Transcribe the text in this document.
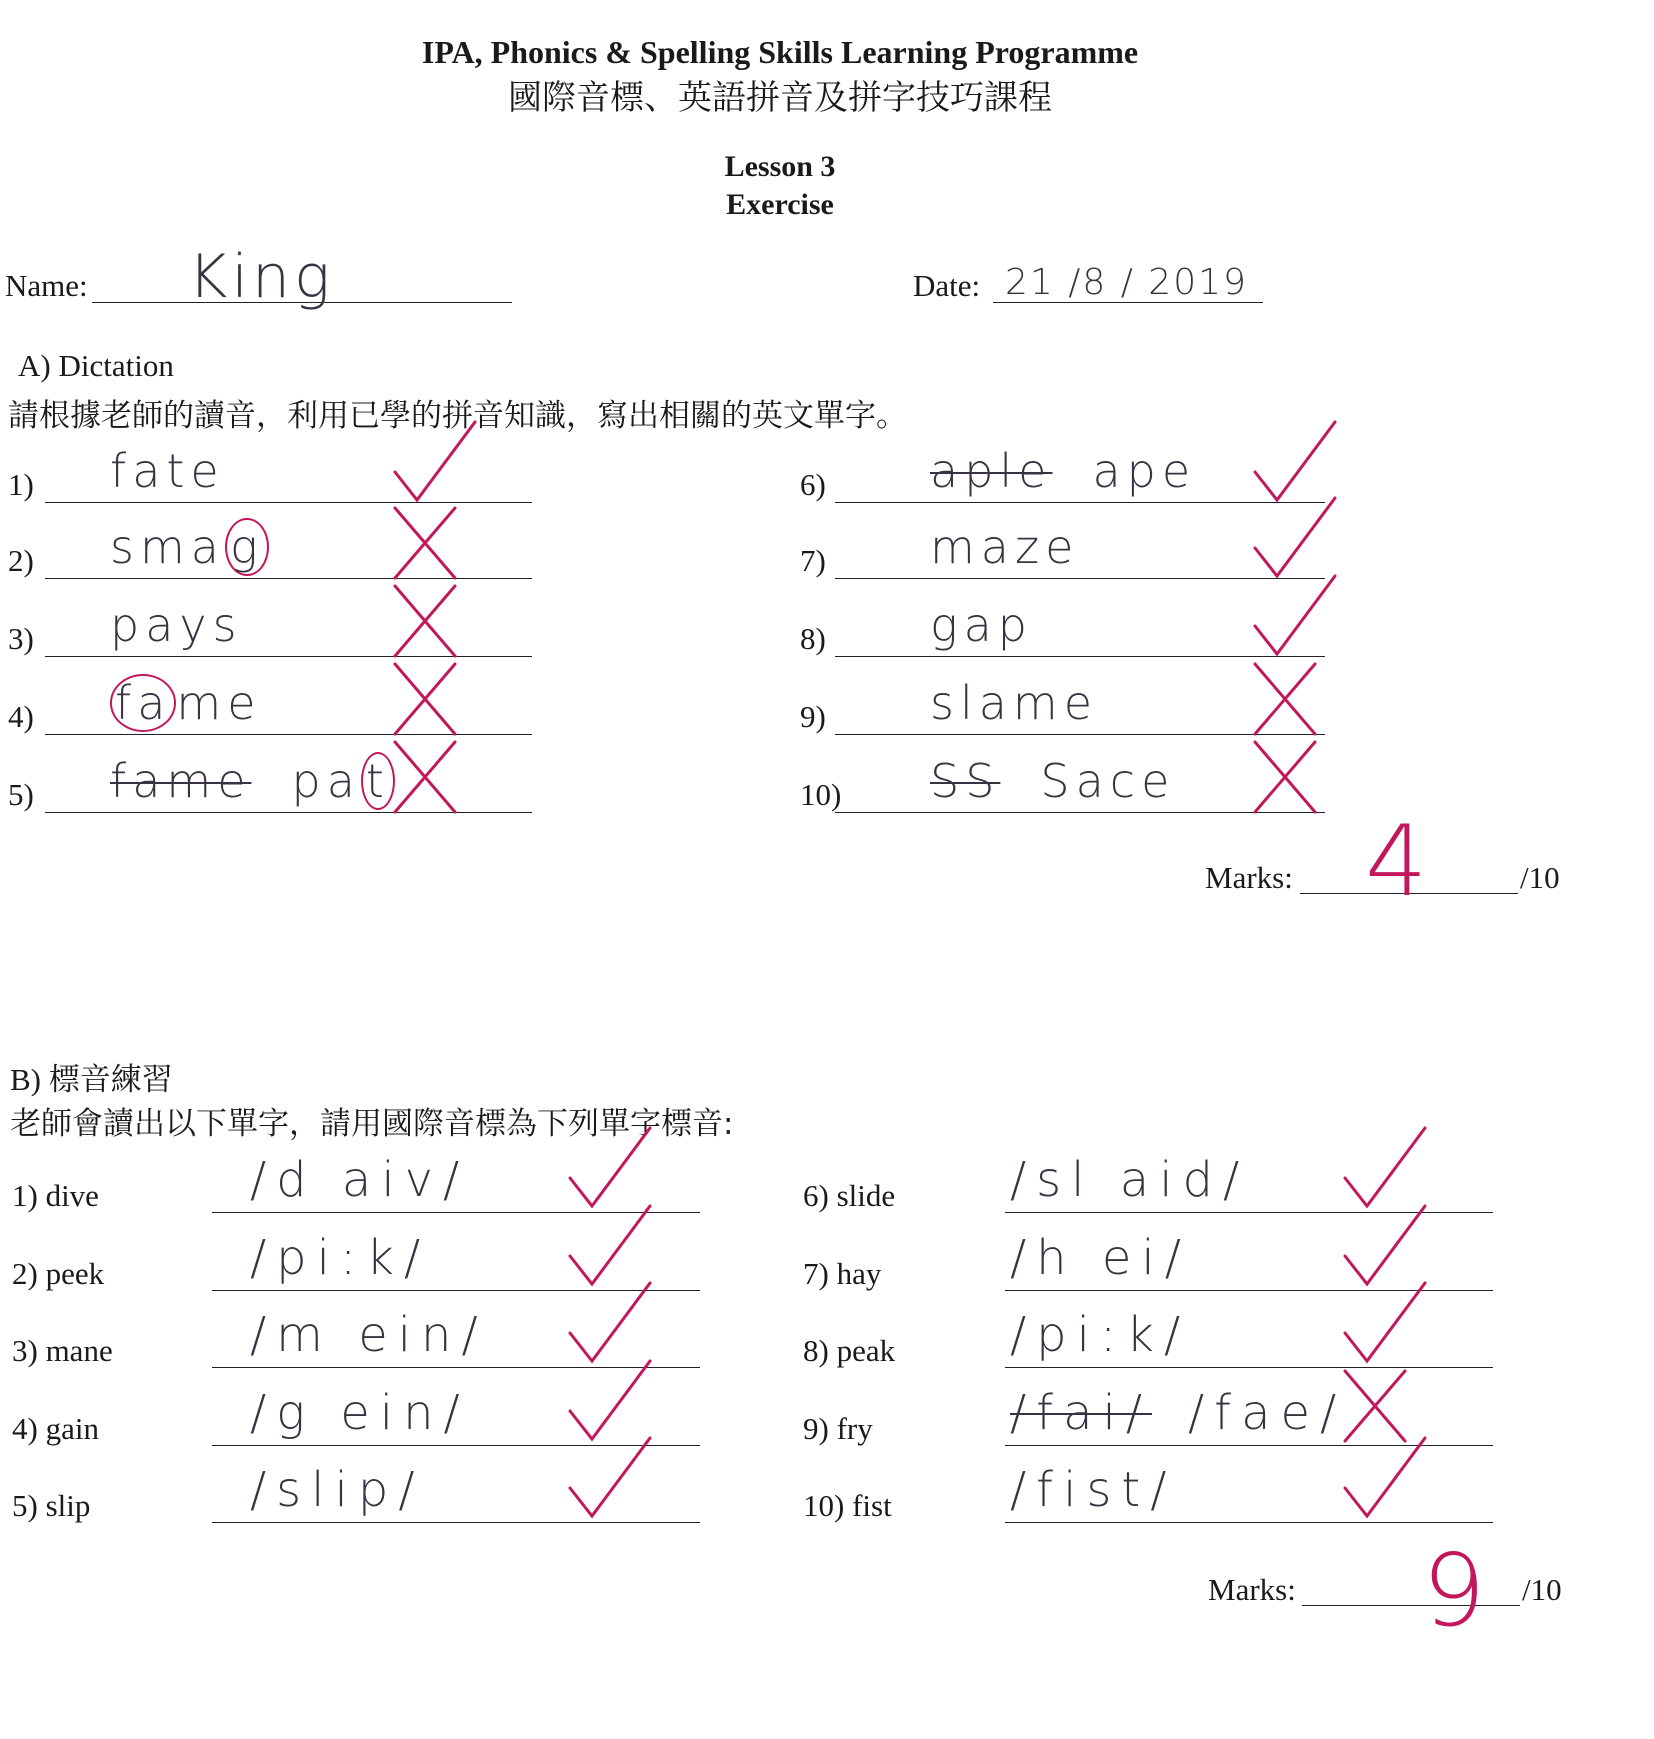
IPA, Phonics & Spelling Skills Learning Programme
國際音標、英語拼音及拼字技巧課程
Lesson 3
Exercise
Name: King	Date: 21 /8 / 2019
A) Dictation
請根據老師的讀音，利用已學的拼音知識，寫出相關的英文單字。
1) fate
2) sma g
3) pays
4) fa me
5) fame pa t
6) aple ape
7) maze
8) gap
9) slame
10) SS Sace
Marks: 4	/10
B) 標音練習
老師會讀出以下單字，請用國際音標為下列單字標音:
1) dive	/d aiv/
2) peek	/pi:k/
3) mane	/m ein/
4) gain	/g ein/
5) slip	/slip/
6) slide /sl aid/
7) hay	/h ei/
8) peak /pi:k/
9) fry	/fai/ /fae/
10) fist /fist/
Marks: 9 /10
